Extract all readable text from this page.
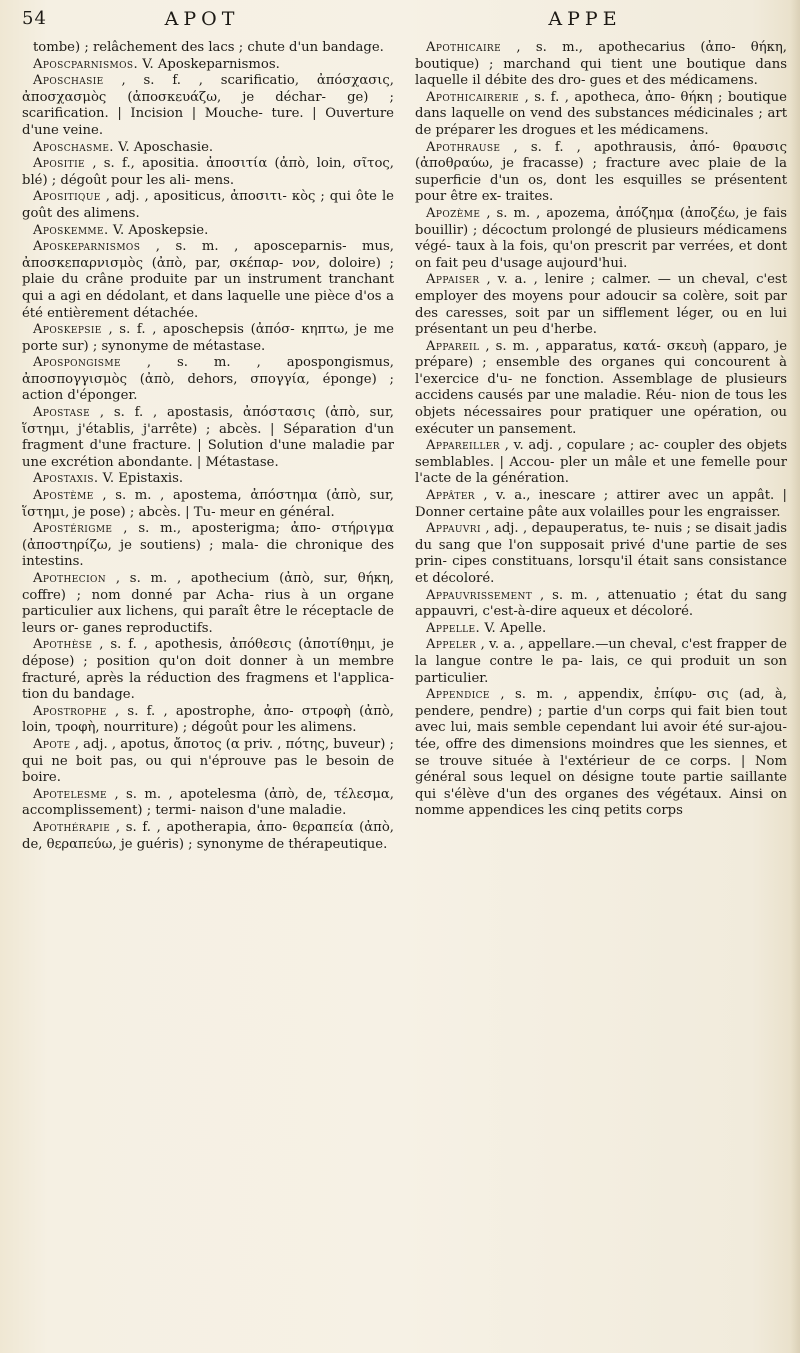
54	APOT	APPE

tombe) ; relâchement des lacs ; chute d'un bandage.

Aposcparnismos. V. Aposkeparnismos.

Aposchasie , s. f. , scarificatio, ἀπόσχασις, ἀποσχασμὸς (ἀποσκευάζω, je déchar- ge) ; scarification. | Incision | Mouche- ture. | Ouverture d'une veine.

Aposchasme. V. Aposchasie.

Apositie , s. f., apositia. ἀποσιτία (ἀπὸ, loin, σῖτος, blé) ; dégoût pour les ali- mens.

Apositique , adj. , apositicus, ἀποσιτι- κὸς ; qui ôte le goût des alimens.

Aposkemme. V. Aposkepsie.

Aposkeparnismos , s. m. , aposceparnis- mus, ἀποσκεπαρνισμὸς (ἀπὸ, par, σκέπαρ- νον, doloire) ; plaie du crâne produite par un instrument tranchant qui a agi en dédolant, et dans laquelle une pièce d'os a été entièrement détachée.

Aposkepsie , s. f. , aposchepsis (ἀπόσ- κηπτω, je me porte sur) ; synonyme de métastase.

Apospongisme , s. m. , apospongismus, ἀποσπογγισμὸς (ἀπὸ, dehors, σπογγία, éponge) ; action d'éponger.

Apostase , s. f. , apostasis, ἀπόστασις (ἀπὸ, sur, ἵστημι, j'établis, j'arrête) ; abcès. | Séparation d'un fragment d'une fracture. | Solution d'une maladie par une excrétion abondante. | Métastase.

Apostaxis. V. Epistaxis.

Apostème , s. m. , apostema, ἀπόστημα (ἀπὸ, sur, ἵστημι, je pose) ; abcès. | Tu- meur en général.

Apostérigme , s. m., aposterigma; ἀπο- στήριγμα (ἀποστηρίζω, je soutiens) ; mala- die chronique des intestins.

Apothecion , s. m. , apothecium (ἀπὸ, sur, θήκη, coffre) ; nom donné par Acha- rius à un organe particulier aux lichens, qui paraît être le réceptacle de leurs or- ganes reproductifs.

Apothèse , s. f. , apothesis, ἀπόθεσις (ἀποτίθημι, je dépose) ; position qu'on doit donner à un membre fracturé, après la réduction des fragmens et l'applica- tion du bandage.

Apostrophe , s. f. , apostrophe, ἀπο- στροφὴ (ἀπὸ, loin, τροφὴ, nourriture) ; dégoût pour les alimens.

Apote , adj. , apotus, ἄποτος (α priv. , πότης, buveur) ; qui ne boit pas, ou qui n'éprouve pas le besoin de boire.

Apotelesme , s. m. , apotelesma (ἀπὸ, de, τέλεσμα, accomplissement) ; termi- naison d'une maladie.

Apothérapie , s. f. , apotherapia, ἀπο- θεραπεία (ἀπὸ, de, θεραπεύω, je guéris) ; synonyme de thérapeutique.

Apothicaire , s. m., apothecarius (ἀπο- θήκη, boutique) ; marchand qui tient une boutique dans laquelle il débite des dro- gues et des médicamens.

Apothicairerie , s. f. , apotheca, ἀπο- θήκη ; boutique dans laquelle on vend des substances médicinales ; art de préparer les drogues et les médicamens.

Apothrause , s. f. , apothrausis, ἀπό- θραυσις (ἀποθραύω, je fracasse) ; fracture avec plaie de la superficie d'un os, dont les esquilles se présentent pour être ex- traites.

Apozème , s. m. , apozema, ἀπόζημα (ἀποζέω, je fais bouillir) ; décoctum prolongé de plusieurs médicamens végé- taux à la fois, qu'on prescrit par verrées, et dont on fait peu d'usage aujourd'hui.

Appaiser , v. a. , lenire ; calmer. — un cheval, c'est employer des moyens pour adoucir sa colère, soit par des caresses, soit par un sifflement léger, ou en lui présentant un peu d'herbe.

Appareil , s. m. , apparatus, κατά- σκευὴ (apparo, je prépare) ; ensemble des organes qui concourent à l'exercice d'u- ne fonction. Assemblage de plusieurs accidens causés par une maladie. Réu- nion de tous les objets nécessaires pour pratiquer une opération, ou exécuter un pansement.

Appareiller , v. adj. , copulare ; ac- coupler des objets semblables. | Accou- pler un mâle et une femelle pour l'acte de la génération.

Appâter , v. a., inescare ; attirer avec un appât. | Donner certaine pâte aux volailles pour les engraisser.

Appauvri , adj. , depauperatus, te- nuis ; se disait jadis du sang que l'on supposait privé d'une partie de ses prin- cipes constituans, lorsqu'il était sans consistance et décoloré.

Appauvrissement , s. m. , attenuatio ; état du sang appauvri, c'est-à-dire aqueux et décoloré.

Appelle. V. Apelle.

Appeler , v. a. , appellare.—un cheval, c'est frapper de la langue contre le pa- lais, ce qui produit un son particulier.

Appendice , s. m. , appendix, ἐπίφυ- σις (ad, à, pendere, pendre) ; partie d'un corps qui fait bien tout avec lui, mais semble cependant lui avoir été sur-ajou- tée, offre des dimensions moindres que les siennes, et se trouve située à l'extérieur de ce corps. | Nom général sous lequel on désigne toute partie saillante qui s'élève d'un des organes des végétaux. Ainsi on nomme appendices les cinq petits corps
